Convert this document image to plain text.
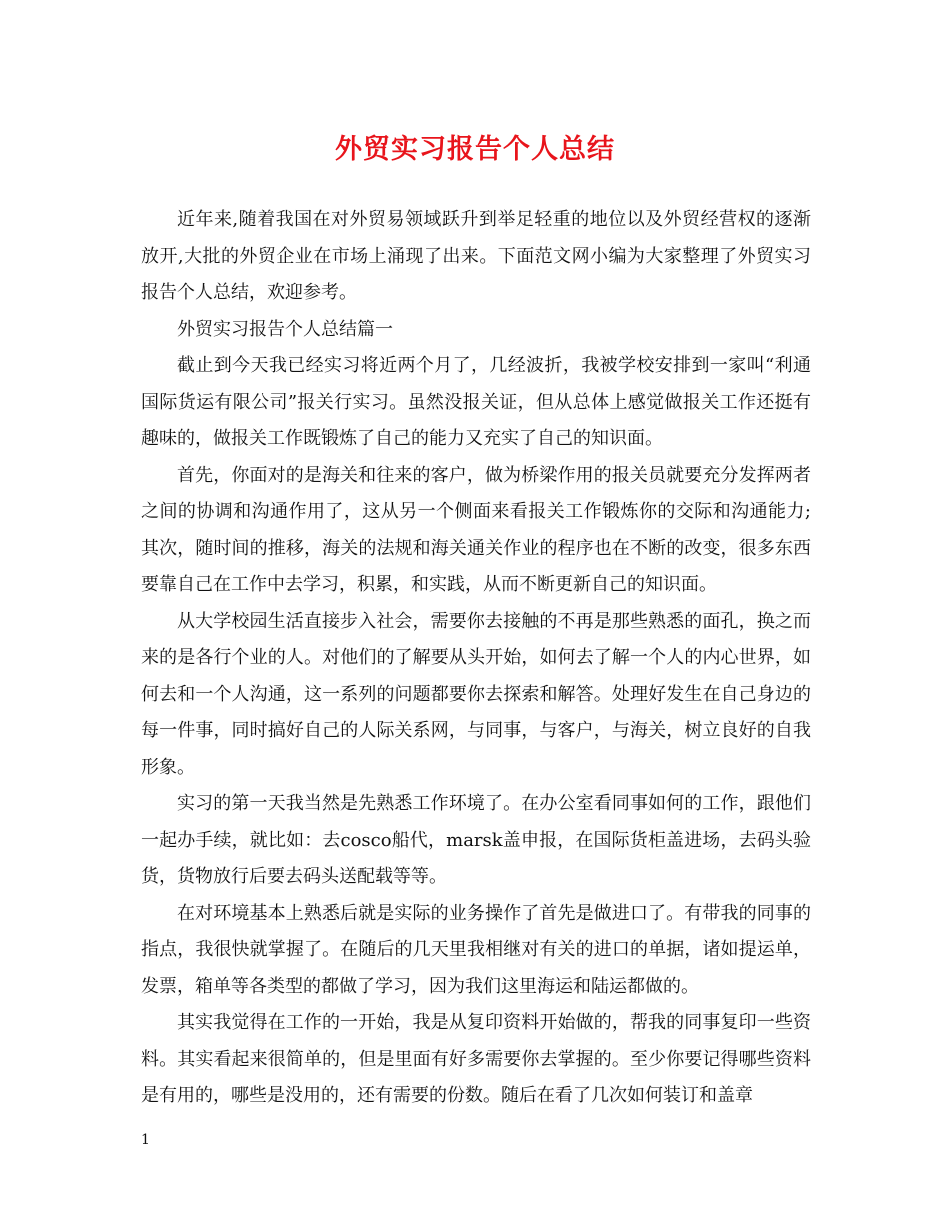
外贸实习报告个人总结

近年来,随着我国在对外贸易领域跃升到举足轻重的地位以及外贸经营权的逐渐放开,大批的外贸企业在市场上涌现了出来。下面范文网小编为大家整理了外贸实习报告个人总结，欢迎参考。

外贸实习报告个人总结篇一

截止到今天我已经实习将近两个月了，几经波折，我被学校安排到一家叫“利通国际货运有限公司”报关行实习。虽然没报关证，但从总体上感觉做报关工作还挺有趣味的，做报关工作既锻炼了自己的能力又充实了自己的知识面。

首先，你面对的是海关和往来的客户，做为桥梁作用的报关员就要充分发挥两者之间的协调和沟通作用了，这从另一个侧面来看报关工作锻炼你的交际和沟通能力;其次，随时间的推移，海关的法规和海关通关作业的程序也在不断的改变，很多东西要靠自己在工作中去学习，积累，和实践，从而不断更新自己的知识面。

从大学校园生活直接步入社会，需要你去接触的不再是那些熟悉的面孔，换之而来的是各行个业的人。对他们的了解要从头开始，如何去了解一个人的内心世界，如何去和一个人沟通，这一系列的问题都要你去探索和解答。处理好发生在自己身边的每一件事，同时搞好自己的人际关系网，与同事，与客户，与海关，树立良好的自我形象。

实习的第一天我当然是先熟悉工作环境了。在办公室看同事如何的工作，跟他们一起办手续，就比如：去cosco船代，marsk盖申报，在国际货柜盖进场，去码头验货，货物放行后要去码头送配载等等。

在对环境基本上熟悉后就是实际的业务操作了首先是做进口了。有带我的同事的指点，我很快就掌握了。在随后的几天里我相继对有关的进口的单据，诸如提运单，发票，箱单等各类型的都做了学习，因为我们这里海运和陆运都做的。

其实我觉得在工作的一开始，我是从复印资料开始做的，帮我的同事复印一些资料。其实看起来很简单的，但是里面有好多需要你去掌握的。至少你要记得哪些资料是有用的，哪些是没用的，还有需要的份数。随后在看了几次如何装订和盖章

1
